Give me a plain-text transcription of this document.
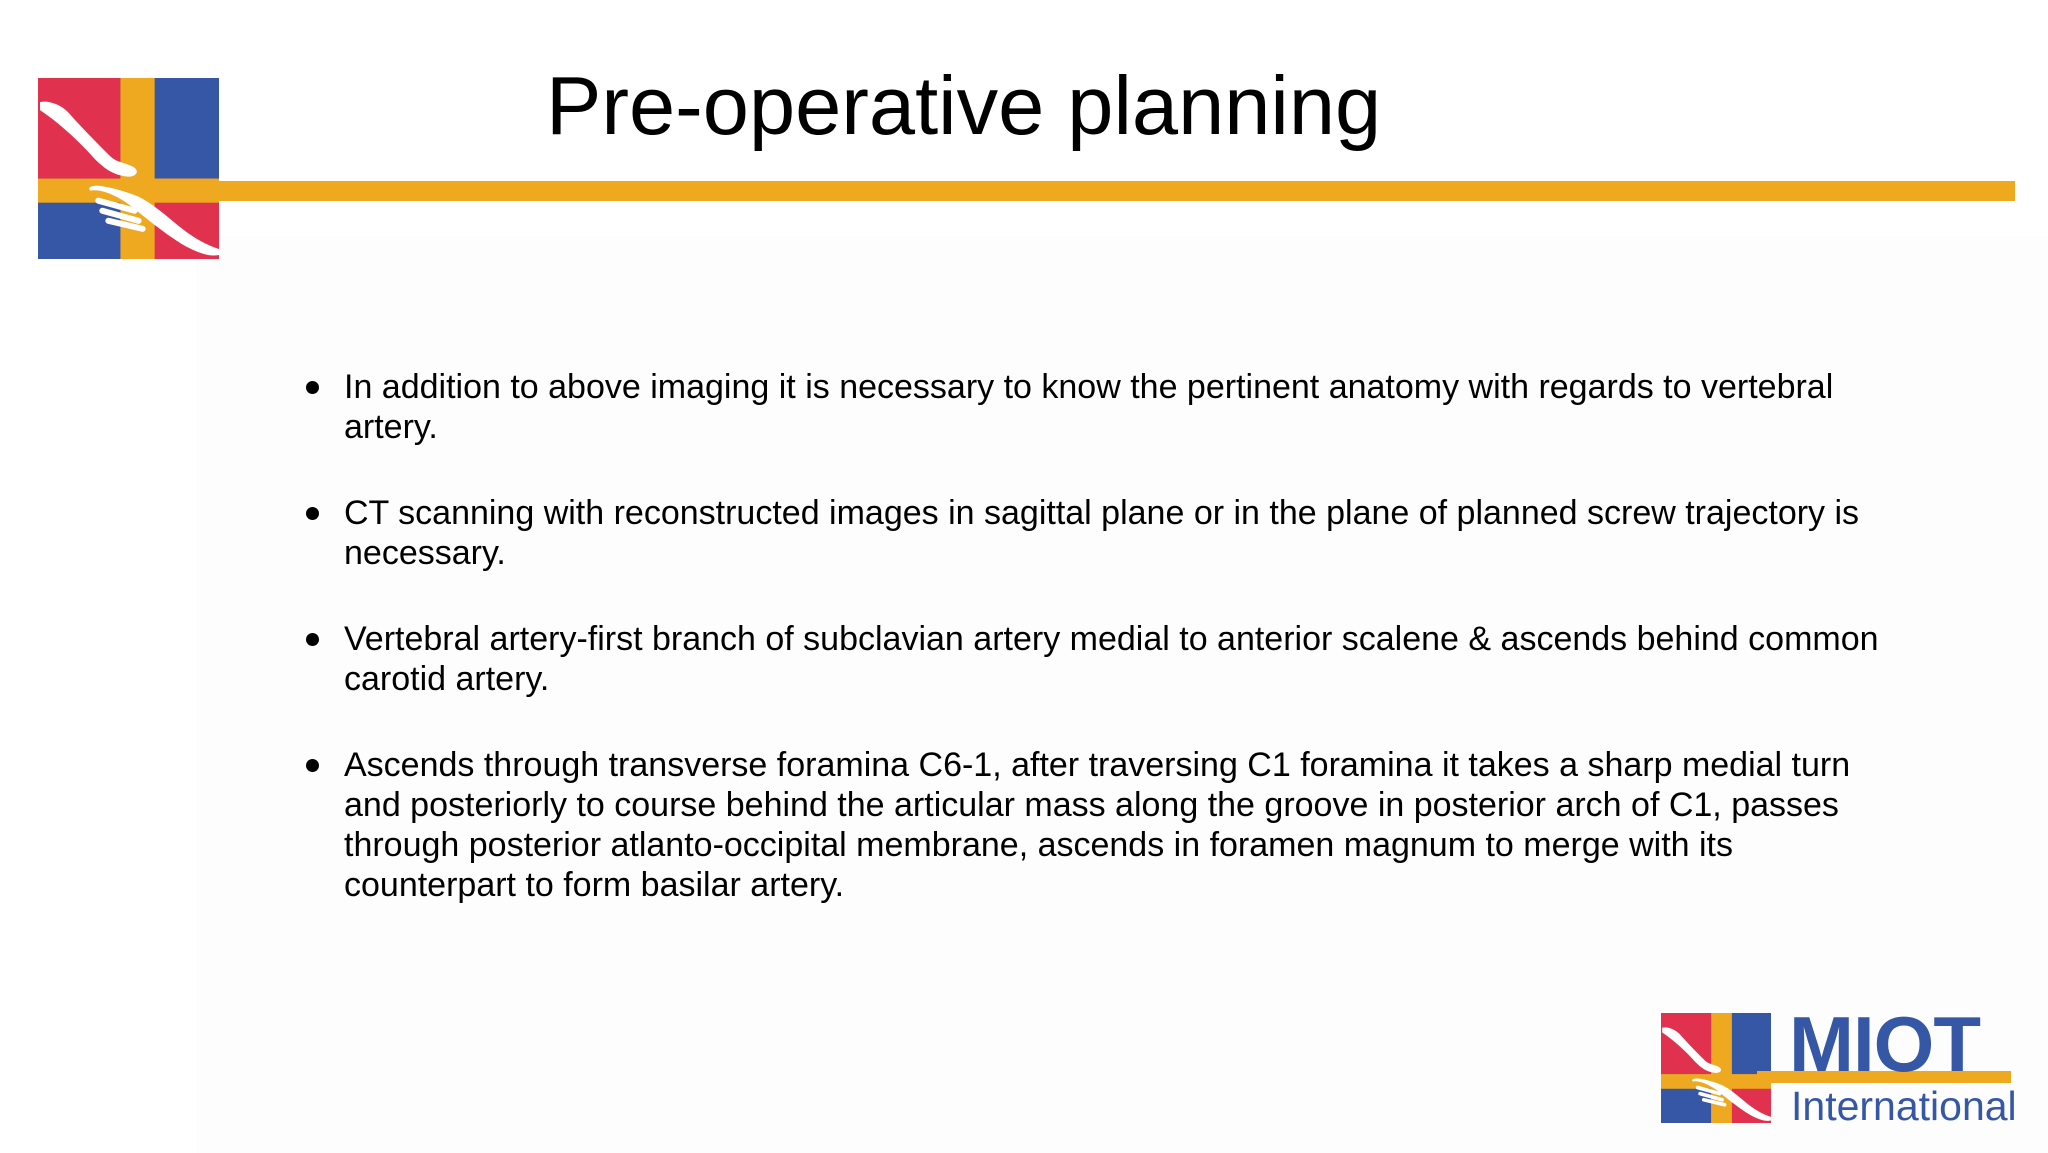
Pre-operative planning
In addition to above imaging it is necessary to know the pertinent anatomy with regards to vertebral artery.
CT scanning with reconstructed images in sagittal plane or in the plane of planned screw trajectory is necessary.
Vertebral artery-first branch of subclavian artery medial to anterior scalene & ascends behind common carotid artery.
Ascends through transverse foramina C6-1, after traversing C1 foramina it takes a sharp medial turn and posteriorly to course behind the articular mass along the groove in posterior arch of C1, passes through posterior atlanto-occipital membrane, ascends in foramen magnum to merge with its counterpart to form basilar artery.
MIOT
International
